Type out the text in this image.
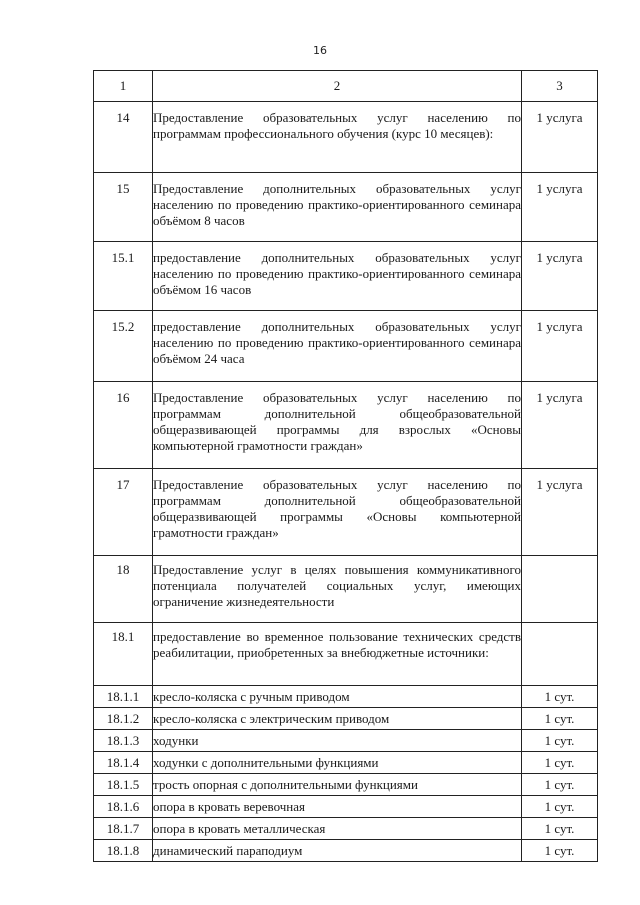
16
1	2	3
14	Предоставление образовательных услуг населению по программам профессионального обучения (курс 10 месяцев):	1 услуга
15	Предоставление дополнительных образовательных услуг населению по проведению практико-ориентированного семинара объёмом 8 часов	1 услуга
15.1	предоставление дополнительных образовательных услуг населению по проведению практико-ориентированного семинара объёмом 16 часов	1 услуга
15.2	предоставление дополнительных образовательных услуг населению по проведению практико-ориентированного семинара объёмом 24 часа	1 услуга
16	Предоставление образовательных услуг населению по программам дополнительной общеобразовательной общеразвивающей программы для взрослых «Основы компьютерной грамотности граждан»	1 услуга
17	Предоставление образовательных услуг населению по программам дополнительной общеобразовательной общеразвивающей программы «Основы компьютерной грамотности граждан»	1 услуга
18	Предоставление услуг в целях повышения коммуникативного потенциала получателей социальных услуг, имеющих ограничение жизнедеятельности	
18.1	предоставление во временное пользование технических средств реабилитации, приобретенных за внебюджетные источники:	
18.1.1	кресло-коляска с ручным приводом	1 сут.
18.1.2	кресло-коляска с электрическим приводом	1 сут.
18.1.3	ходунки	1 сут.
18.1.4	ходунки с дополнительными функциями	1 сут.
18.1.5	трость опорная с дополнительными функциями	1 сут.
18.1.6	опора в кровать веревочная	1 сут.
18.1.7	опора в кровать металлическая	1 сут.
18.1.8	динамический параподиум	1 сут.
